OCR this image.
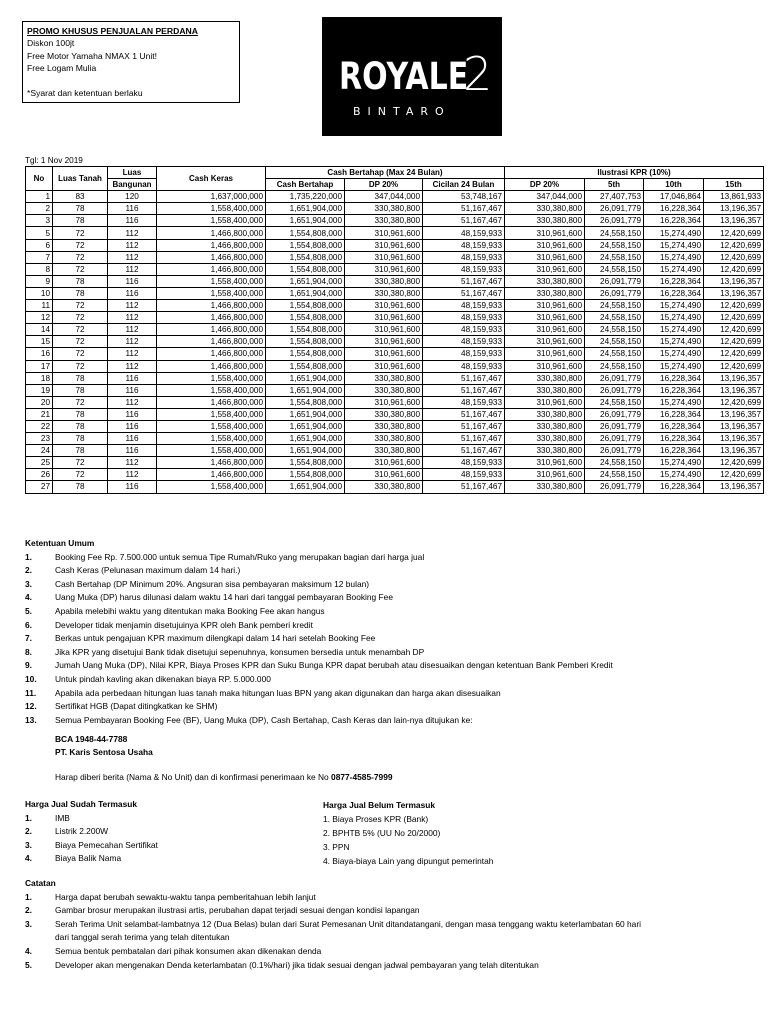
PROMO KHUSUS PENJUALAN PERDANA
Diskon 100jt
Free Motor Yamaha NMAX 1 Unit!
Free Logam Mulia
*Syarat dan ketentuan berlaku	ROYALE
2
BINTARO
Tgl: 1 Nov 2019
No	Luas Tanah	Luas	Cash Keras	Cash Bertahap (Max 24 Bulan)			Ilustrasi KPR (10%)			
		Bangunan		Cash Bertahap	DP 20%	Cicilan 24 Bulan	DP 20%	5th	10th	15th
1	83	120	1,637,000,000	1,735,220,000	347,044,000	53,748,167	347,044,000	27,407,753	17,046,864	13,861,933
2	78	116	1,558,400,000	1,651,904,000	330,380,800	51,167,467	330,380,800	26,091,779	16,228,364	13,196,357
3	78	116	1,558,400,000	1,651,904,000	330,380,800	51,167,467	330,380,800	26,091,779	16,228,364	13,196,357
5	72	112	1,466,800,000	1,554,808,000	310,961,600	48,159,933	310,961,600	24,558,150	15,274,490	12,420,699
6	72	112	1,466,800,000	1,554,808,000	310,961,600	48,159,933	310,961,600	24,558,150	15,274,490	12,420,699
7	72	112	1,466,800,000	1,554,808,000	310,961,600	48,159,933	310,961,600	24,558,150	15,274,490	12,420,699
8	72	112	1,466,800,000	1,554,808,000	310,961,600	48,159,933	310,961,600	24,558,150	15,274,490	12,420,699
9	78	116	1,558,400,000	1,651,904,000	330,380,800	51,167,467	330,380,800	26,091,779	16,228,364	13,196,357
10	78	116	1,558,400,000	1,651,904,000	330,380,800	51,167,467	330,380,800	26,091,779	16,228,364	13,196,357
11	72	112	1,466,800,000	1,554,808,000	310,961,600	48,159,933	310,961,600	24,558,150	15,274,490	12,420,699
12	72	112	1,466,800,000	1,554,808,000	310,961,600	48,159,933	310,961,600	24,558,150	15,274,490	12,420,699
14	72	112	1,466,800,000	1,554,808,000	310,961,600	48,159,933	310,961,600	24,558,150	15,274,490	12,420,699
15	72	112	1,466,800,000	1,554,808,000	310,961,600	48,159,933	310,961,600	24,558,150	15,274,490	12,420,699
16	72	112	1,466,800,000	1,554,808,000	310,961,600	48,159,933	310,961,600	24,558,150	15,274,490	12,420,699
17	72	112	1,466,800,000	1,554,808,000	310,961,600	48,159,933	310,961,600	24,558,150	15,274,490	12,420,699
18	78	116	1,558,400,000	1,651,904,000	330,380,800	51,167,467	330,380,800	26,091,779	16,228,364	13,196,357
19	78	116	1,558,400,000	1,651,904,000	330,380,800	51,167,467	330,380,800	26,091,779	16,228,364	13,196,357
20	72	112	1,466,800,000	1,554,808,000	310,961,600	48,159,933	310,961,600	24,558,150	15,274,490	12,420,699
21	78	116	1,558,400,000	1,651,904,000	330,380,800	51,167,467	330,380,800	26,091,779	16,228,364	13,196,357
22	78	116	1,558,400,000	1,651,904,000	330,380,800	51,167,467	330,380,800	26,091,779	16,228,364	13,196,357
23	78	116	1,558,400,000	1,651,904,000	330,380,800	51,167,467	330,380,800	26,091,779	16,228,364	13,196,357
24	78	116	1,558,400,000	1,651,904,000	330,380,800	51,167,467	330,380,800	26,091,779	16,228,364	13,196,357
25	72	112	1,466,800,000	1,554,808,000	310,961,600	48,159,933	310,961,600	24,558,150	15,274,490	12,420,699
26	72	112	1,466,800,000	1,554,808,000	310,961,600	48,159,933	310,961,600	24,558,150	15,274,490	12,420,699
27	78	116	1,558,400,000	1,651,904,000	330,380,800	51,167,467	330,380,800	26,091,779	16,228,364	13,196,357
Ketentuan Umum
1.	Booking Fee Rp. 7.500.000 untuk semua Tipe Rumah/Ruko yang merupakan bagian dari harga jual
2.	Cash Keras (Pelunasan maximum dalam 14 hari.)
3.	Cash Bertahap (DP Minimum 20%. Angsuran sisa pembayaran maksimum 12 bulan)
4.	Uang Muka (DP) harus dilunasi dalam waktu 14 hari dari tanggal pembayaran Booking Fee
5.	Apabila melebihi waktu yang ditentukan maka Booking Fee akan hangus
6.	Developer tidak menjamin disetujuinya KPR oleh Bank pemberi kredit
7.	Berkas untuk pengajuan KPR maximum dilengkapi dalam 14 hari setelah Booking Fee
8.	Jika KPR yang disetujui Bank tidak disetujui sepenuhnya, konsumen bersedia untuk menambah DP
9.	Jumah Uang Muka (DP), Nilai KPR, Biaya Proses KPR dan Suku Bunga KPR dapat berubah atau disesuaikan dengan ketentuan Bank Pemberi Kredit
10.	Untuk pindah kavling akan dikenakan biaya RP. 5.000.000
11.	Apabila ada perbedaan hitungan luas tanah maka hitungan luas BPN yang akan digunakan dan harga akan disesuaikan
12.	Sertifikat HGB (Dapat ditingkatkan ke SHM)
13.	Semua Pembayaran Booking Fee (BF), Uang Muka (DP), Cash Bertahap, Cash Keras dan lain-nya ditujukan ke:
BCA 1948-44-7788
PT. Karis Sentosa Usaha
Harap diberi berita (Nama & No Unit) dan di konfirmasi penerimaan ke No 0877-4585-7999
Harga Jual Sudah Termasuk
1.	IMB
2.	Listrik 2.200W
3.	Biaya Pemecahan Sertifikat
4.	Biaya Balik Nama
Harga Jual Belum Termasuk
1. Biaya Proses KPR (Bank)
2. BPHTB 5% (UU No 20/2000)
3. PPN
4. Biaya-biaya Lain yang dipungut pemerintah
Catatan
1.	Harga dapat berubah sewaktu-waktu tanpa pemberitahuan lebih lanjut
2.	Gambar brosur merupakan ilustrasi artis, perubahan dapat terjadi sesuai dengan kondisi lapangan
3.	Serah Terima Unit selambat-lambatnya 12 (Dua Belas) bulan dari Surat Pemesanan Unit ditandatangani, dengan masa tenggang waktu keterlambatan 60 hari
dari tanggal serah terima yang telah ditentukan
4.	Semua bentuk pembatalan dari pihak konsumen akan dikenakan denda
5.	Developer akan mengenakan Denda keterlambatan (0.1%/hari) jika tidak sesuai dengan jadwal pembayaran yang telah ditentukan
